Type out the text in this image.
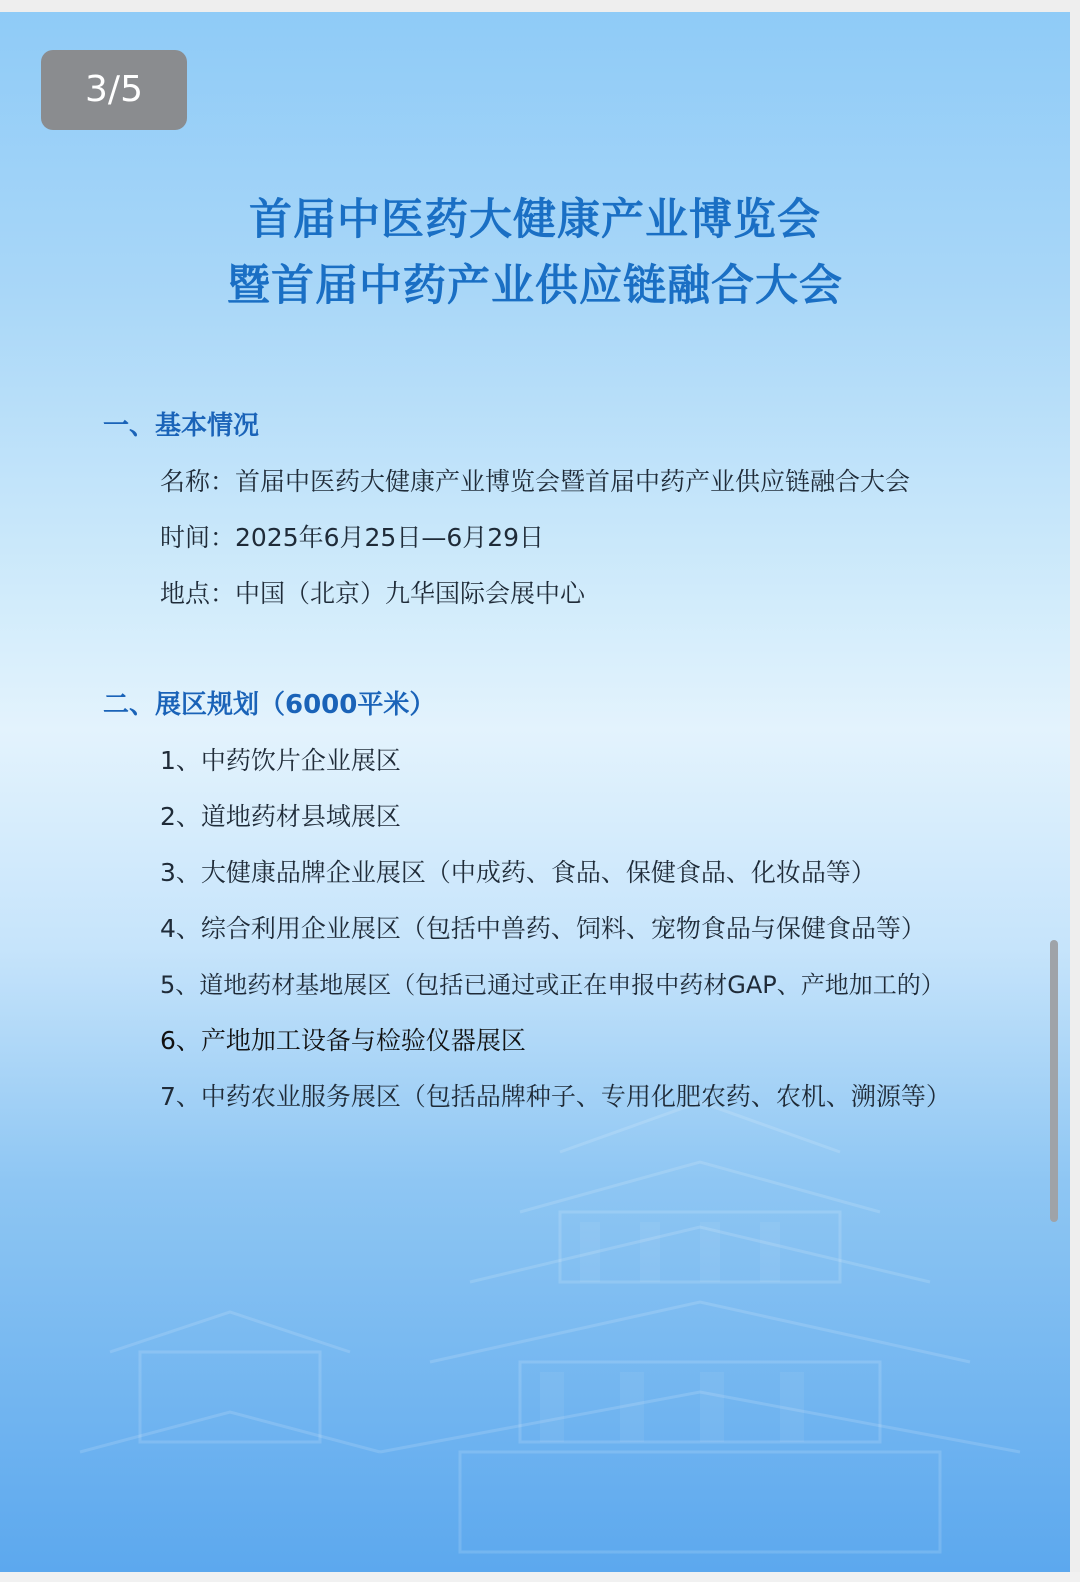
3/5
首届中医药大健康产业博览会
暨首届中药产业供应链融合大会
一、基本情况
名称：首届中医药大健康产业博览会暨首届中药产业供应链融合大会
时间：2025年6月25日—6月29日
地点：中国（北京）九华国际会展中心
二、展区规划（6000平米）
1、中药饮片企业展区
2、道地药材县域展区
3、大健康品牌企业展区（中成药、食品、保健食品、化妆品等）
4、综合利用企业展区（包括中兽药、饲料、宠物食品与保健食品等）
5、道地药材基地展区（包括已通过或正在申报中药材GAP、产地加工的）
6、产地加工设备与检验仪器展区
7、中药农业服务展区（包括品牌种子、专用化肥农药、农机、溯源等）
